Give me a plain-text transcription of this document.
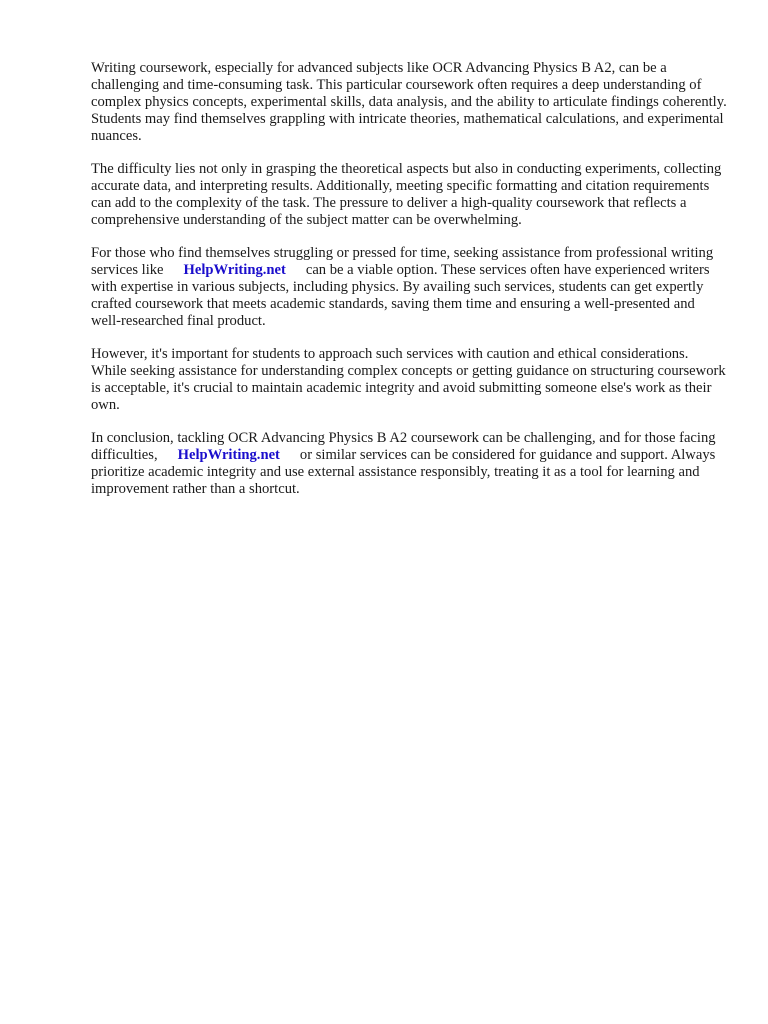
Writing coursework, especially for advanced subjects like OCR Advancing Physics B A2, can be a challenging and time-consuming task. This particular coursework often requires a deep understanding of complex physics concepts, experimental skills, data analysis, and the ability to articulate findings coherently. Students may find themselves grappling with intricate theories, mathematical calculations, and experimental nuances.

The difficulty lies not only in grasping the theoretical aspects but also in conducting experiments, collecting accurate data, and interpreting results. Additionally, meeting specific formatting and citation requirements can add to the complexity of the task. The pressure to deliver a high-quality coursework that reflects a comprehensive understanding of the subject matter can be overwhelming.

For those who find themselves struggling or pressed for time, seeking assistance from professional writing services like HelpWriting.net can be a viable option. These services often have experienced writers with expertise in various subjects, including physics. By availing such services, students can get expertly crafted coursework that meets academic standards, saving them time and ensuring a well-presented and well-researched final product.

However, it's important for students to approach such services with caution and ethical considerations. While seeking assistance for understanding complex concepts or getting guidance on structuring coursework is acceptable, it's crucial to maintain academic integrity and avoid submitting someone else's work as their own.

In conclusion, tackling OCR Advancing Physics B A2 coursework can be challenging, and for those facing difficulties, HelpWriting.net or similar services can be considered for guidance and support. Always prioritize academic integrity and use external assistance responsibly, treating it as a tool for learning and improvement rather than a shortcut.
